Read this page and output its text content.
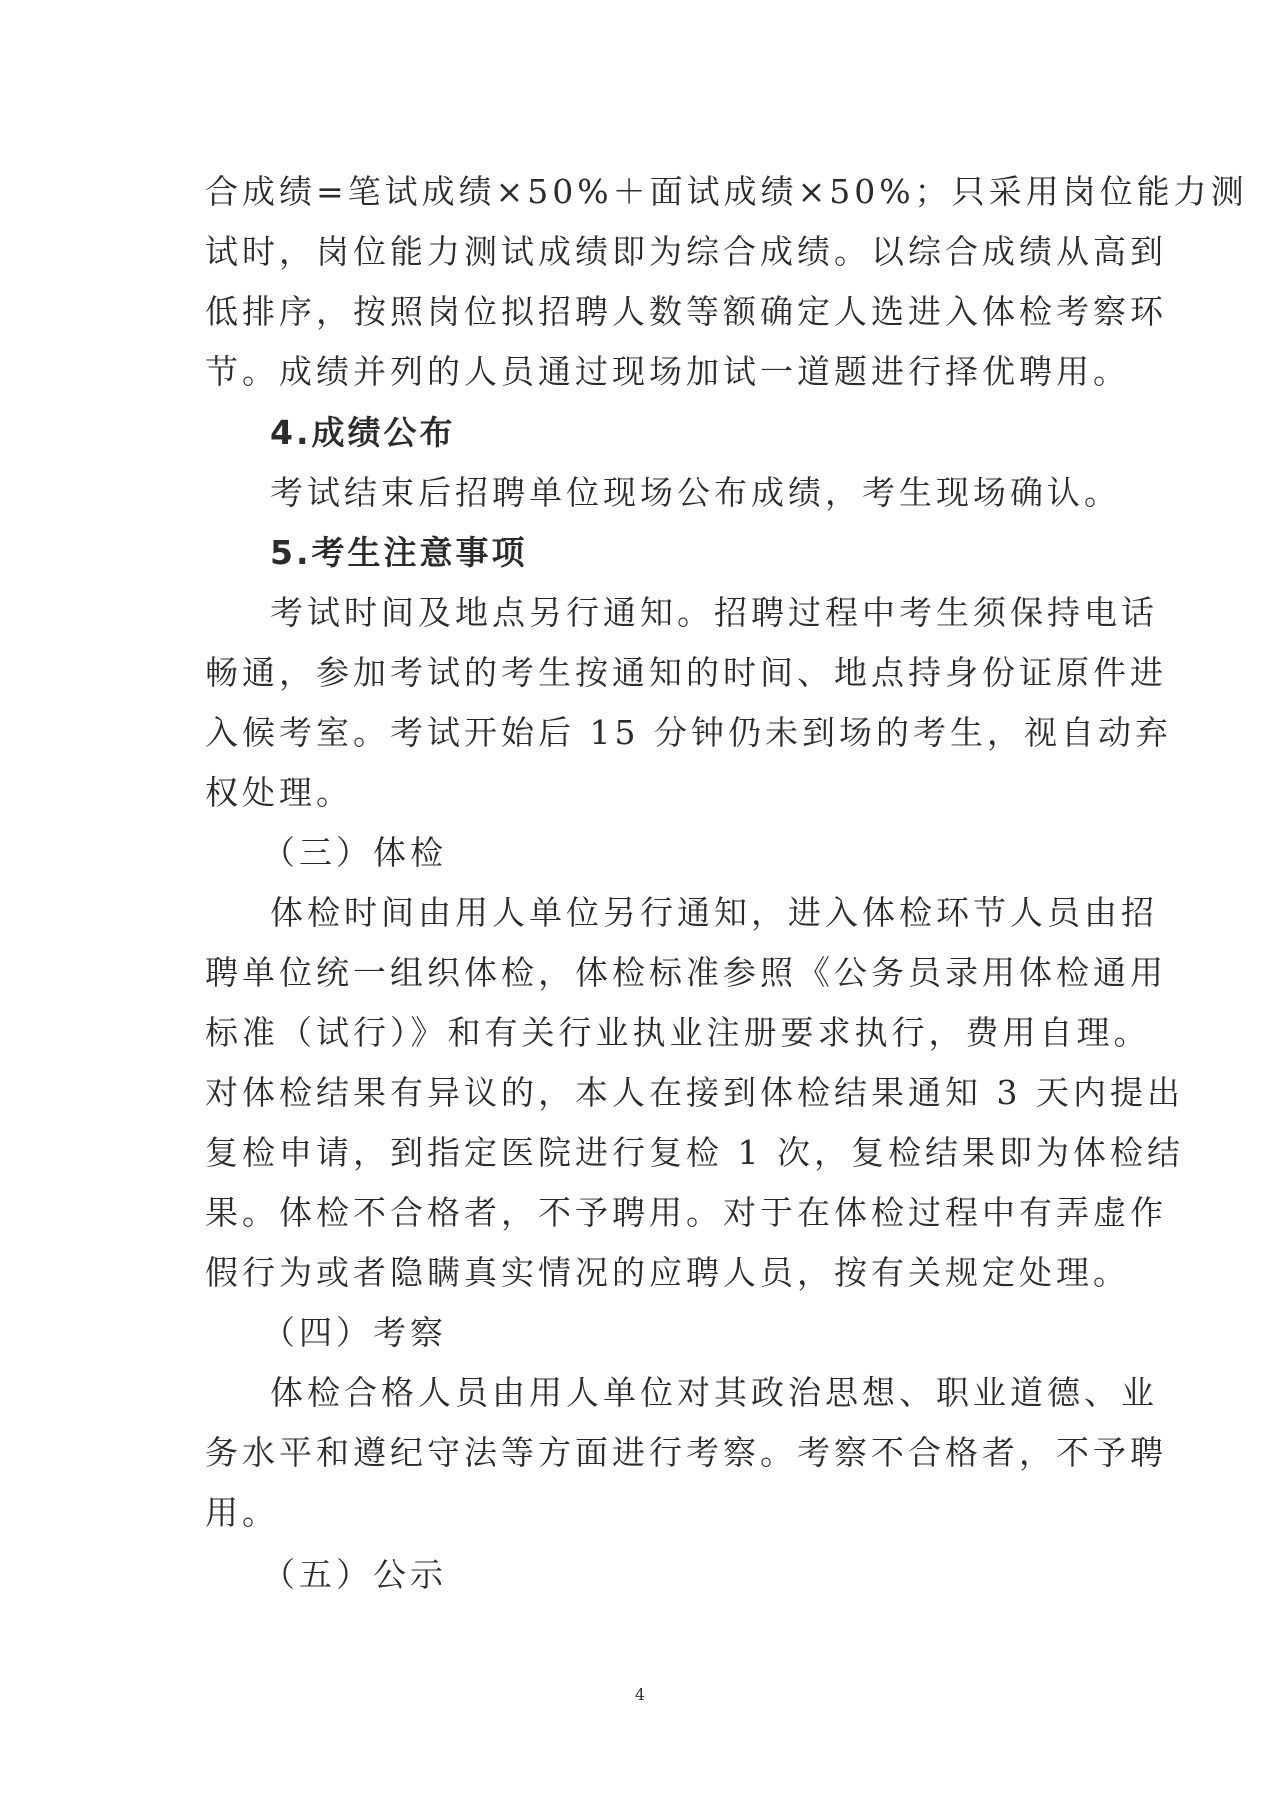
合成绩=笔试成绩×50%＋面试成绩×50%；只采用岗位能力测
试时，岗位能力测试成绩即为综合成绩。以综合成绩从高到
低排序，按照岗位拟招聘人数等额确定人选进入体检考察环
节。成绩并列的人员通过现场加试一道题进行择优聘用。
4.成绩公布
考试结束后招聘单位现场公布成绩，考生现场确认。
5.考生注意事项
考试时间及地点另行通知。招聘过程中考生须保持电话
畅通，参加考试的考生按通知的时间、地点持身份证原件进
入候考室。考试开始后 15 分钟仍未到场的考生，视自动弃
权处理。
（三）体检
体检时间由用人单位另行通知，进入体检环节人员由招
聘单位统一组织体检，体检标准参照《公务员录用体检通用
标准（试行）》和有关行业执业注册要求执行，费用自理。
对体检结果有异议的，本人在接到体检结果通知 3 天内提出
复检申请，到指定医院进行复检 1 次，复检结果即为体检结
果。体检不合格者，不予聘用。对于在体检过程中有弄虚作
假行为或者隐瞒真实情况的应聘人员，按有关规定处理。
（四）考察
体检合格人员由用人单位对其政治思想、职业道德、业
务水平和遵纪守法等方面进行考察。考察不合格者，不予聘
用。
（五）公示
4
